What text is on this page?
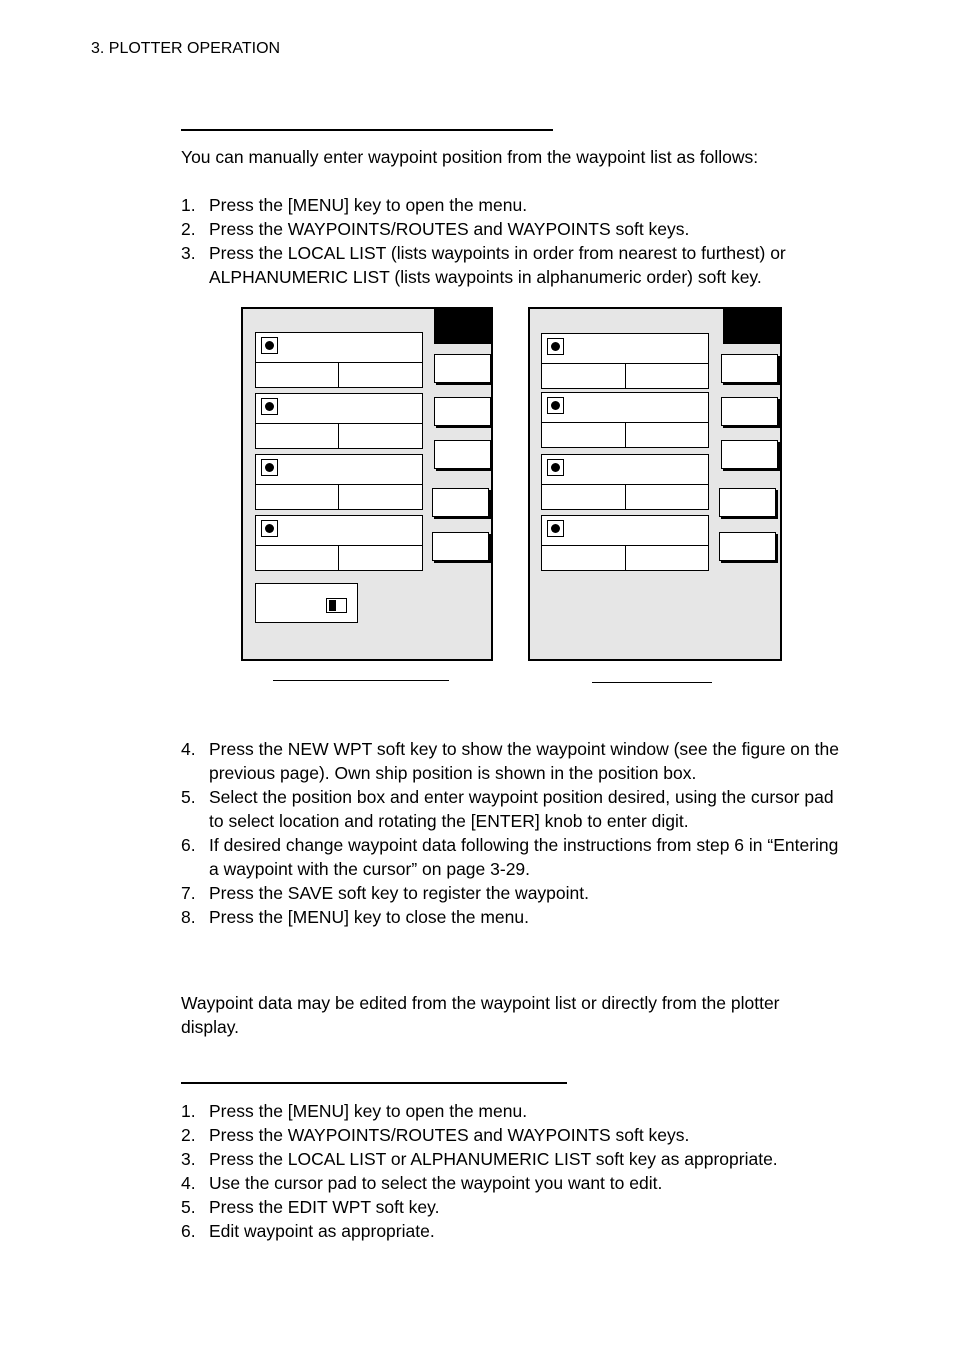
3. PLOTTER OPERATION
You can manually enter waypoint position from the waypoint list as follows:
1. Press the [MENU] key to open the menu.
2. Press the WAYPOINTS/ROUTES and WAYPOINTS soft keys.
3. Press the LOCAL LIST (lists waypoints in order from nearest to furthest) or ALPHANUMERIC LIST (lists waypoints in alphanumeric order) soft key.
4. Press the NEW WPT soft key to show the waypoint window (see the figure on the previous page). Own ship position is shown in the position box.
5. Select the position box and enter waypoint position desired, using the cursor pad to select location and rotating the [ENTER] knob to enter digit.
6. If desired change waypoint data following the instructions from step 6 in “Entering a waypoint with the cursor” on page 3-29.
7. Press the SAVE soft key to register the waypoint.
8. Press the [MENU] key to close the menu.
Waypoint data may be edited from the waypoint list or directly from the plotter display.
1. Press the [MENU] key to open the menu.
2. Press the WAYPOINTS/ROUTES and WAYPOINTS soft keys.
3. Press the LOCAL LIST or ALPHANUMERIC LIST soft key as appropriate.
4. Use the cursor pad to select the waypoint you want to edit.
5. Press the EDIT WPT soft key.
6. Edit waypoint as appropriate.
